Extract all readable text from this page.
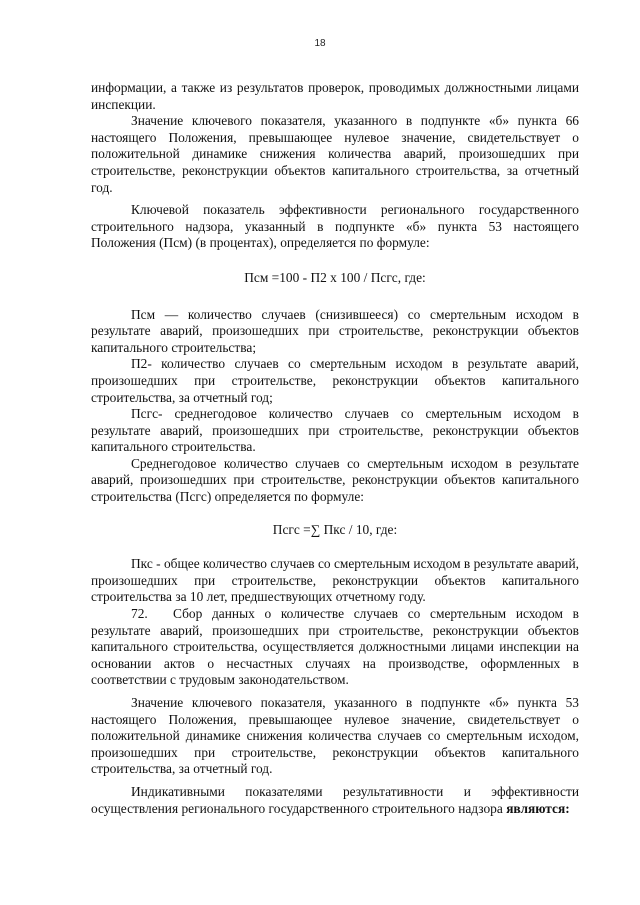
18

информации, а также из результатов проверок, проводимых должностными лицами инспекции.

Значение ключевого показателя, указанного в подпункте «б» пункта 66 настоящего Положения, превышающее нулевое значение, свидетельствует о положительной динамике снижения количества аварий, произошедших при строительстве, реконструкции объектов капитального строительства, за отчетный год.

Ключевой показатель эффективности регионального государственного строительного надзора, указанный в подпункте «б» пункта 53 настоящего Положения (Псм) (в процентах), определяется по формуле:

Псм =100 - П2 х 100 / Псгс, где:

Псм — количество случаев (снизившееся) со смертельным исходом в результате аварий, произошедших при строительстве, реконструкции объектов капитального строительства;

П2- количество случаев со смертельным исходом в результате аварий, произошедших при строительстве, реконструкции объектов капитального строительства, за отчетный год;

Псгс- среднегодовое количество случаев со смертельным исходом в результате аварий, произошедших при строительстве, реконструкции объектов капитального строительства.

Среднегодовое количество случаев со смертельным исходом в результате аварий, произошедших при строительстве, реконструкции объектов капитального строительства (Псгс) определяется по формуле:

Псгс =∑ Пкс / 10, где:

Пкс - общее количество случаев со смертельным исходом в результате аварий, произошедших при строительстве, реконструкции объектов капитального строительства за 10 лет, предшествующих отчетному году.

72. Сбор данных о количестве случаев со смертельным исходом в результате аварий, произошедших при строительстве, реконструкции объектов капитального строительства, осуществляется должностными лицами инспекции на основании актов о несчастных случаях на производстве, оформленных в соответствии с трудовым законодательством.

Значение ключевого показателя, указанного в подпункте «б» пункта 53 настоящего Положения, превышающее нулевое значение, свидетельствует о положительной динамике снижения количества случаев со смертельным исходом, произошедших при строительстве, реконструкции объектов капитального строительства, за отчетный год.

Индикативными показателями результативности и эффективности осуществления регионального государственного строительного надзора являются:
